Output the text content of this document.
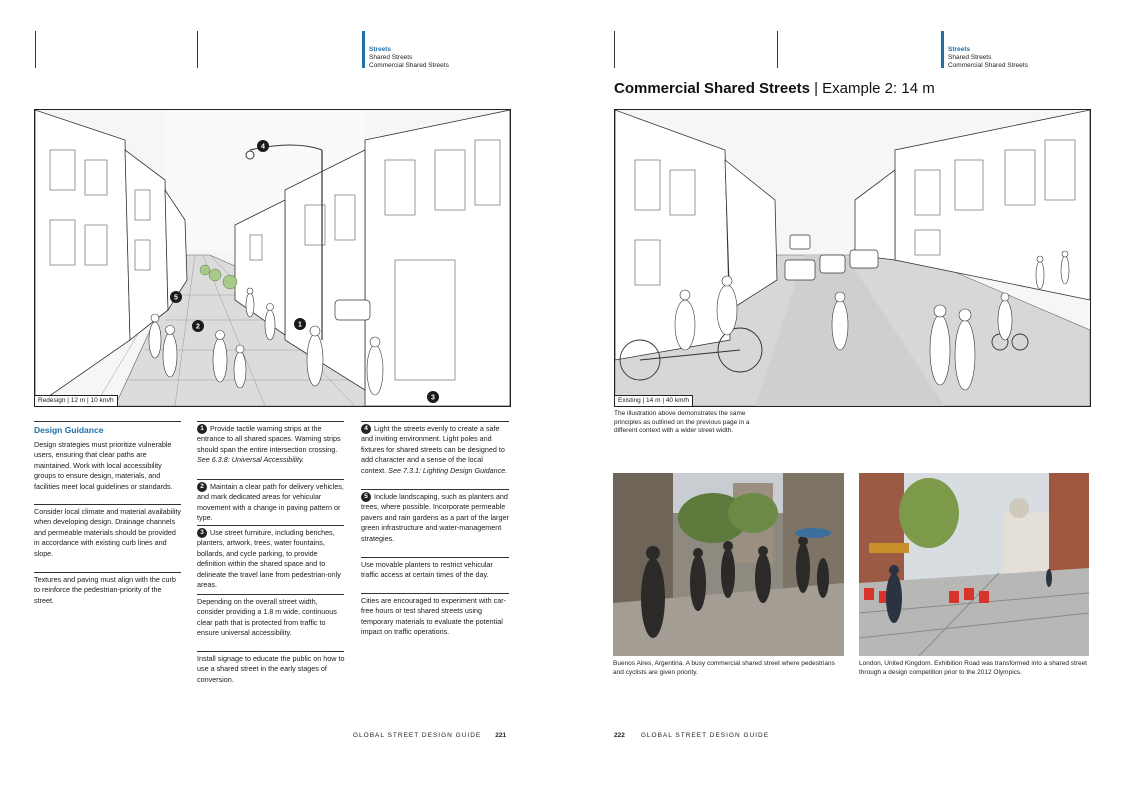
Streets
Shared Streets
Commercial Shared Streets
1
2
3
4
5
Redesign | 12 m | 10 km/h
Design Guidance
Design strategies must prioritize vulnerable users, ensuring that clear paths are maintained. Work with local accessibility groups to ensure design, materials, and facilities meet local guidelines or standards.
Consider local climate and material availability when developing design. Drainage channels and permeable materials should be provided in accordance with existing curb lines and slope.
Textures and paving must align with the curb to reinforce the pedestrian-priority of the street.
1 Provide tactile warning strips at the entrance to all shared spaces. Warning strips should span the entire intersection crossing. See 6.3.8: Universal Accessibility.
2 Maintain a clear path for delivery vehicles, and mark dedicated areas for vehicular movement with a change in paving pattern or type.
3 Use street furniture, including benches, planters, artwork, trees, water fountains, bollards, and cycle parking, to provide definition within the shared space and to delineate the travel lane from pedestrian-only areas.
Depending on the overall street width, consider providing a 1.8 m wide, continuous clear path that is protected from traffic to ensure universal accessibility.
Install signage to educate the public on how to use a shared street in the early stages of conversion.
4 Light the streets evenly to create a safe and inviting environment. Light poles and fixtures for shared streets can be designed to add character and a sense of the local context. See 7.3.1: Lighting Design Guidance.
5 Include landscaping, such as planters and trees, where possible. Incorporate permeable pavers and rain gardens as a part of the larger green infrastructure and water-management strategies.
Use movable planters to restrict vehicular traffic access at certain times of the day.
Cities are encouraged to experiment with car-free hours or test shared streets using temporary materials to evaluate the potential impact on traffic operations.
GLOBAL STREET DESIGN GUIDE 221
Streets
Shared Streets
Commercial Shared Streets
Commercial Shared Streets | Example 2: 14 m
Existing | 14 m | 40 km/h
The illustration above demonstrates the same principles as outlined on the previous page in a different context with a wider street width.
Buenos Aires, Argentina. A busy commercial shared street where pedestrians and cyclists are given priority.
London, United Kingdom. Exhibition Road was transformed into a shared street through a design competition prior to the 2012 Olympics.
222 GLOBAL STREET DESIGN GUIDE
